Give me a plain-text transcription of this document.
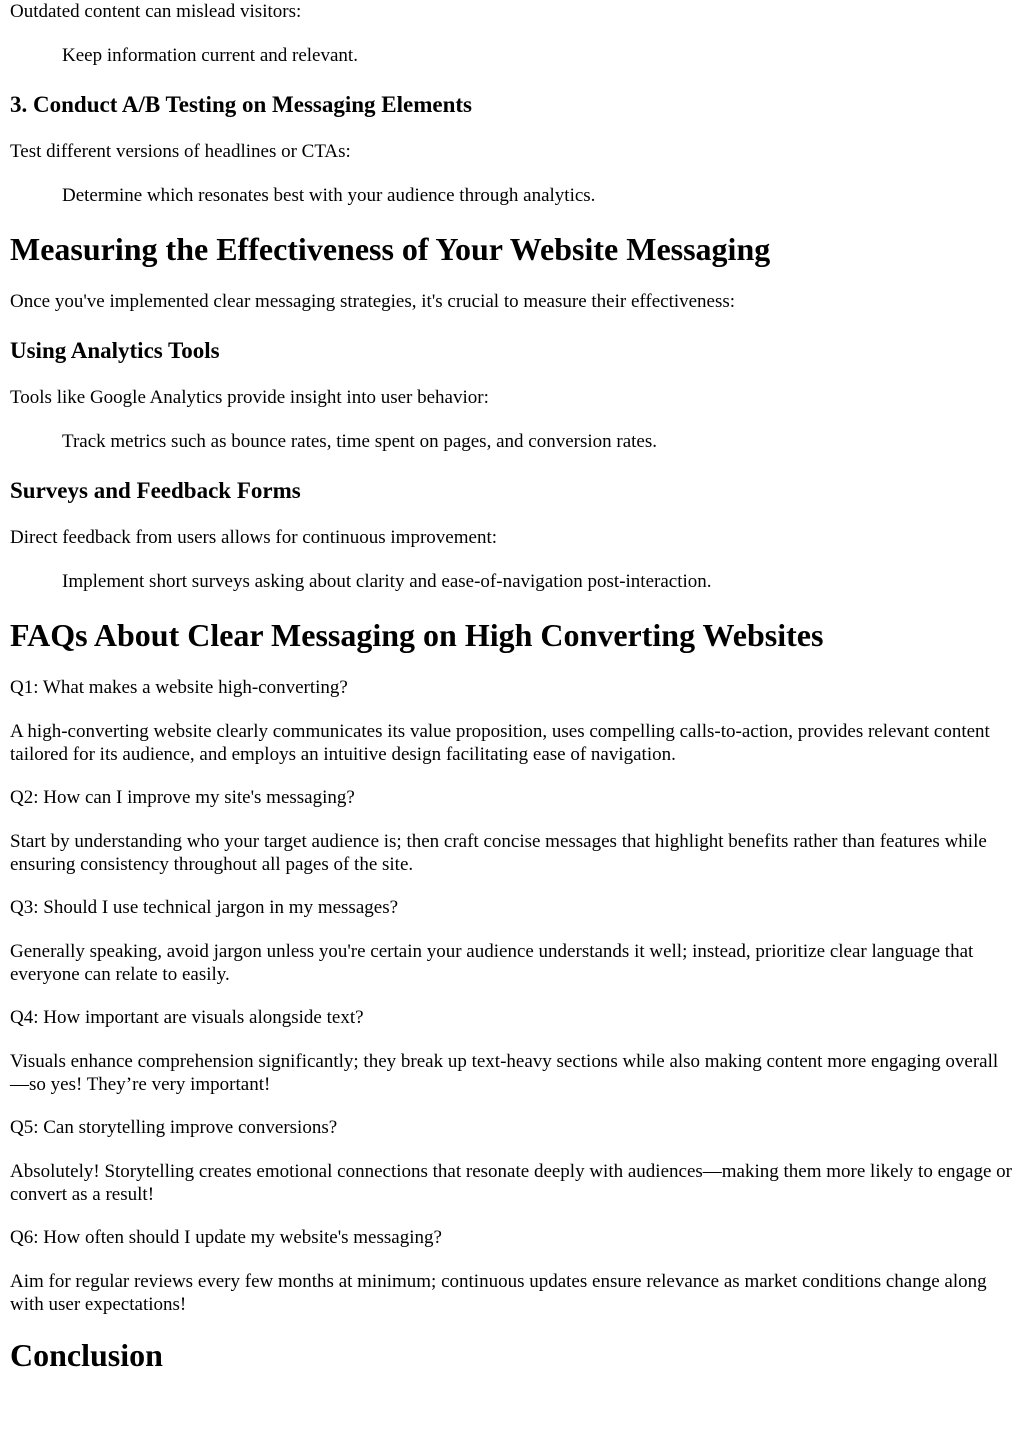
Outdated content can mislead visitors:

Keep information current and relevant.

3. Conduct A/B Testing on Messaging Elements

Test different versions of headlines or CTAs:

Determine which resonates best with your audience through analytics.

Measuring the Effectiveness of Your Website Messaging

Once you've implemented clear messaging strategies, it's crucial to measure their effectiveness:

Using Analytics Tools

Tools like Google Analytics provide insight into user behavior:

Track metrics such as bounce rates, time spent on pages, and conversion rates.

Surveys and Feedback Forms

Direct feedback from users allows for continuous improvement:

Implement short surveys asking about clarity and ease-of-navigation post-interaction.

FAQs About Clear Messaging on High Converting Websites

Q1: What makes a website high-converting?

A high-converting website clearly communicates its value proposition, uses compelling calls-to-action, provides relevant content tailored for its audience, and employs an intuitive design facilitating ease of navigation.

Q2: How can I improve my site's messaging?

Start by understanding who your target audience is; then craft concise messages that highlight benefits rather than features while ensuring consistency throughout all pages of the site.

Q3: Should I use technical jargon in my messages?

Generally speaking, avoid jargon unless you're certain your audience understands it well; instead, prioritize clear language that everyone can relate to easily.

Q4: How important are visuals alongside text?

Visuals enhance comprehension significantly; they break up text-heavy sections while also making content more engaging overall—so yes! They’re very important!

Q5: Can storytelling improve conversions?

Absolutely! Storytelling creates emotional connections that resonate deeply with audiences—making them more likely to engage or convert as a result!

Q6: How often should I update my website's messaging?

Aim for regular reviews every few months at minimum; continuous updates ensure relevance as market conditions change along with user expectations!

Conclusion
